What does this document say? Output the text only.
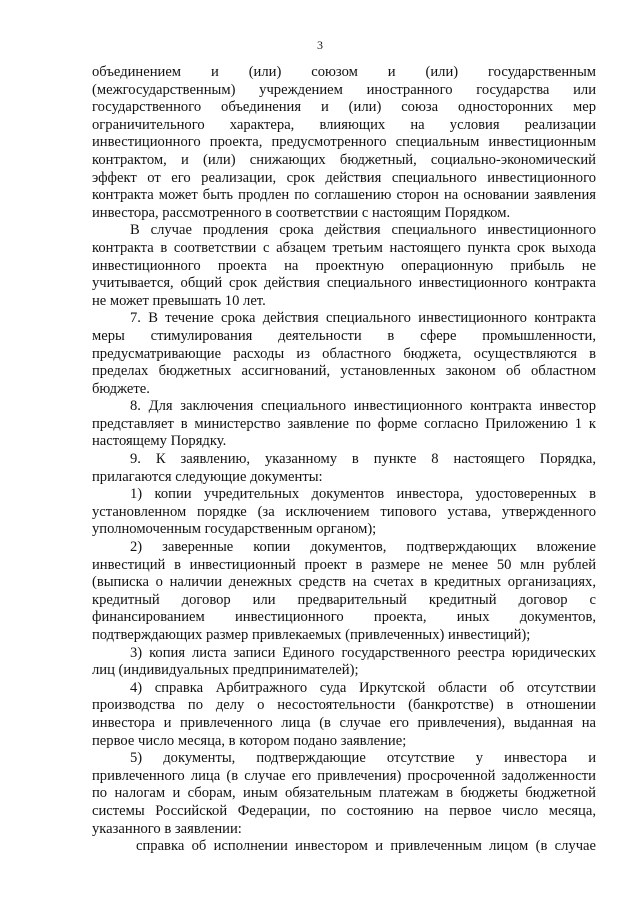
3
объединением и (или) союзом и (или) государственным
(межгосударственным) учреждением иностранного государства или
государственного объединения и (или) союза односторонних мер
ограничительного характера, влияющих на условия реализации
инвестиционного проекта, предусмотренного специальным инвестиционным
контрактом, и (или) снижающих бюджетный, социально-экономический
эффект от его реализации, срок действия специального инвестиционного
контракта может быть продлен по соглашению сторон на основании заявления
инвестора, рассмотренного в соответствии с настоящим Порядком.
В случае продления срока действия специального инвестиционного
контракта в соответствии с абзацем третьим настоящего пункта срок выхода
инвестиционного проекта на проектную операционную прибыль не
учитывается, общий срок действия специального инвестиционного контракта
не может превышать 10 лет.
7. В течение срока действия специального инвестиционного контракта
меры стимулирования деятельности в сфере промышленности,
предусматривающие расходы из областного бюджета, осуществляются в
пределах бюджетных ассигнований, установленных законом об областном
бюджете.
8. Для заключения специального инвестиционного контракта инвестор
представляет в министерство заявление по форме согласно Приложению 1 к
настоящему Порядку.
9. К заявлению, указанному в пункте 8 настоящего Порядка,
прилагаются следующие документы:
1) копии учредительных документов инвестора, удостоверенных в
установленном порядке (за исключением типового устава, утвержденного
уполномоченным государственным органом);
2) заверенные копии документов, подтверждающих вложение
инвестиций в инвестиционный проект в размере не менее 50 млн рублей
(выписка о наличии денежных средств на счетах в кредитных организациях,
кредитный договор или предварительный кредитный договор с
финансированием инвестиционного проекта, иных документов,
подтверждающих размер привлекаемых (привлеченных) инвестиций);
3) копия листа записи Единого государственного реестра юридических
лиц (индивидуальных предпринимателей);
4) справка Арбитражного суда Иркутской области об отсутствии
производства по делу о несостоятельности (банкротстве) в отношении
инвестора и привлеченного лица (в случае его привлечения), выданная на
первое число месяца, в котором подано заявление;
5) документы, подтверждающие отсутствие у инвестора и
привлеченного лица (в случае его привлечения) просроченной задолженности
по налогам и сборам, иным обязательным платежам в бюджеты бюджетной
системы Российской Федерации, по состоянию на первое число месяца,
указанного в заявлении:
справка об исполнении инвестором и привлеченным лицом (в случае
